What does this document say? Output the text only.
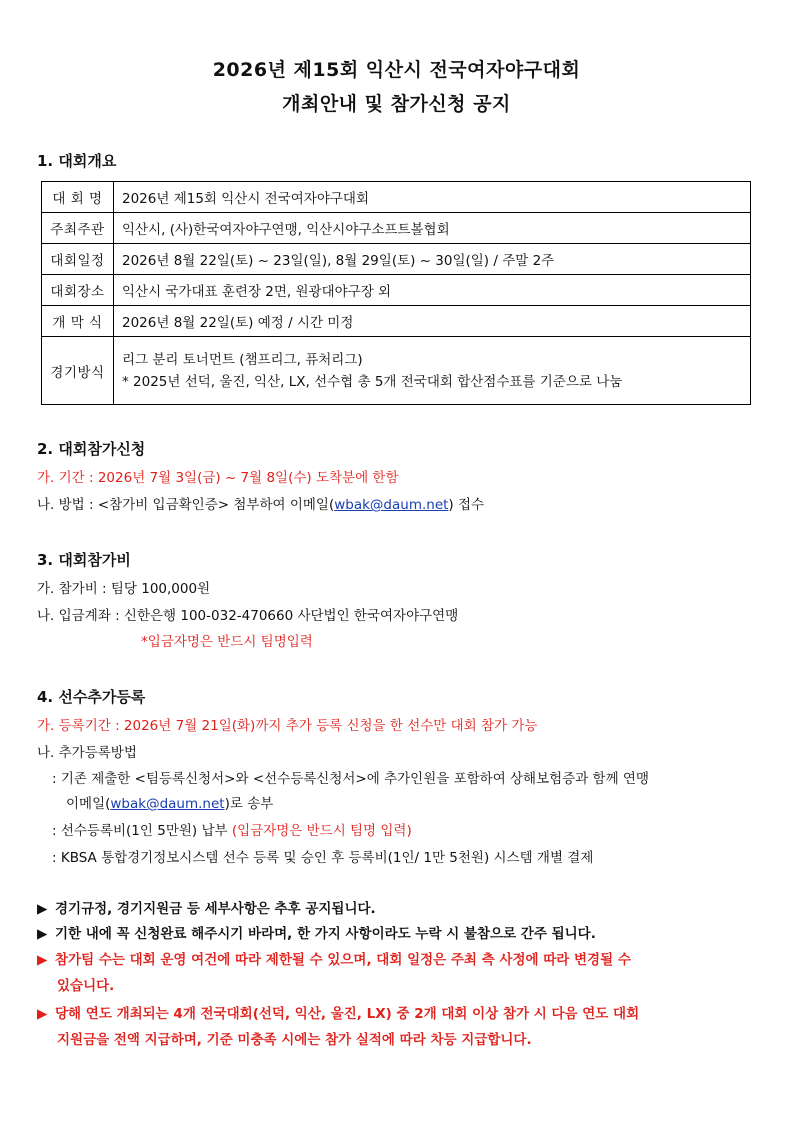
2026년 제15회 익산시 전국여자야구대회
개최안내 및 참가신청 공지
1. 대회개요
대 회 명	2026년 제15회 익산시 전국여자야구대회
주최주관	익산시, (사)한국여자야구연맹, 익산시야구소프트볼협회
대회일정	2026년 8월 22일(토) ~ 23일(일), 8월 29일(토) ~ 30일(일) / 주말 2주
대회장소	익산시 국가대표 훈련장 2면, 원광대야구장 외
개 막 식	2026년 8월 22일(토) 예정 / 시간 미정
경기방식	리그 분리 토너먼트 (챔프리그, 퓨처리그)
* 2025년 선덕, 울진, 익산, LX, 선수협 총 5개 전국대회 합산점수표를 기준으로 나눔
2. 대회참가신청
가. 기간 : 2026년 7월 3일(금) ~ 7월 8일(수) 도착분에 한함
나. 방법 : <참가비 입금확인증> 첨부하여 이메일(wbak@daum.net) 접수
3. 대회참가비
가. 참가비 : 팀당 100,000원
나. 입금계좌 : 신한은행 100-032-470660 사단법인 한국여자야구연맹
*입금자명은 반드시 팀명입력
4. 선수추가등록
가. 등록기간 : 2026년 7월 21일(화)까지 추가 등록 신청을 한 선수만 대회 참가 가능
나. 추가등록방법
: 기존 제출한 <팀등록신청서>와 <선수등록신청서>에 추가인원을 포함하여 상해보험증과 함께 연맹
이메일(wbak@daum.net)로 송부
: 선수등록비(1인 5만원) 납부 (입금자명은 반드시 팀명 입력)
: KBSA 통합경기정보시스템 선수 등록 및 승인 후 등록비(1인/ 1만 5천원) 시스템 개별 결제
▶ 경기규정, 경기지원금 등 세부사항은 추후 공지됩니다.
▶ 기한 내에 꼭 신청완료 해주시기 바라며, 한 가지 사항이라도 누락 시 불참으로 간주 됩니다.
▶ 참가팀 수는 대회 운영 여건에 따라 제한될 수 있으며, 대회 일정은 주최 측 사정에 따라 변경될 수
있습니다.
▶ 당해 연도 개최되는 4개 전국대회(선덕, 익산, 울진, LX) 중 2개 대회 이상 참가 시 다음 연도 대회
지원금을 전액 지급하며, 기준 미충족 시에는 참가 실적에 따라 차등 지급합니다.
